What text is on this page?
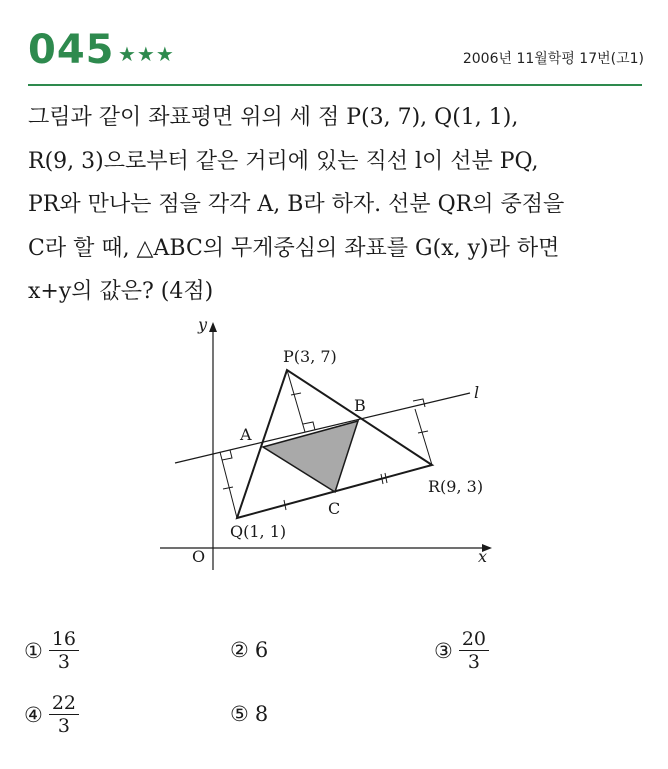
045 ★★★	2006년 11월학평 17번(고1)

그림과 같이 좌표평면 위의 세 점 P(3, 7), Q(1, 1),

R(9, 3)으로부터 같은 거리에 있는 직선 l이 선분 PQ,

PR와 만나는 점을 각각 A, B라 하자. 선분 QR의 중점을

C라 할 때, △ABC의 무게중심의 좌표를 G(x, y)라 하면

x+y의 값은? (4점)

P(3, 7)
B
A
C
R(9, 3)
Q(1, 1)
O	x
y
l
① $\frac{16}{3}$	② 6	③ $\frac{20}{3}$
④ $\frac{22}{3}$	⑤ 8
